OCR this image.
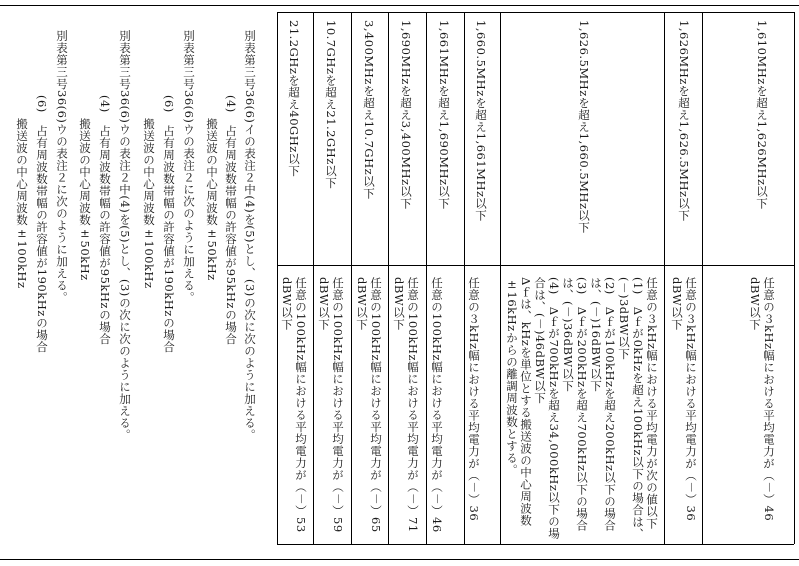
21.2GHzを超え40GHz以下
任意の100kHz幅における平均電力が（－）53
dBW以下
10.7GHzを超え21.2GHz以下
任意の100kHz幅における平均電力が（－）59
dBW以下
3,400MHzを超え10.7GHz以下
任意の100kHz幅における平均電力が（－）65
dBW以下
1,690MHzを超え3,400MHz以下
任意の100kHz幅における平均電力が（－）71
dBW以下
1,661MHzを超え1,690MHz以下
任意の100kHz幅における平均電力が（－）46

1,660.5MHzを超え1,661MHz以下
任意の３kHz幅における平均電力が（－）36

1,626.5MHzを超え1,660.5MHz以下
任意の３kHz幅における平均電力が次の値以下
(1)　Δｆが0kHzを超え100kHz以下の場合は、
(－)3dBW以下
(2)　Δｆが100kHzを超え200kHz以下の場合
は、(－)16dBW以下
(3)　Δｆが200kHzを超え700kHz以下の場合
は、(－)36dBW以下
(4)　Δｆが700kHzを超え34,000kHz以下の場
合は、(－)46dBW以下
Δｆは、kHzを単位とする搬送波の中心周波数
±16kHzからの離調周波数とする。
1,626MHzを超え1,626.5MHz以下
任意の３kHz幅における平均電力が（－）36
dBW以下
1,610MHzを超え1,626MHz以下
任意の３kHz幅における平均電力が（－）46
dBW以下
別表第三号36(6)イの表注２中(4)を(5)とし、(3)の次に次のように加える。
(4)　占有周波数帯幅の許容値が95kHzの場合
搬送波の中心周波数±50kHz
別表第三号36(6)ウの表注２に次のように加える。
(6)　占有周波数帯幅の許容値が190kHzの場合
搬送波の中心周波数±100kHz
別表第三号36(6)ウの表注２中(4)を(5)とし、(3)の次に次のように加える。
(4)　占有周波数帯幅の許容値が95kHzの場合
搬送波の中心周波数±50kHz
別表第三号36(6)ウの表注２に次のように加える。
(6)　占有周波数帯幅の許容値が190kHzの場合
搬送波の中心周波数±100kHz
